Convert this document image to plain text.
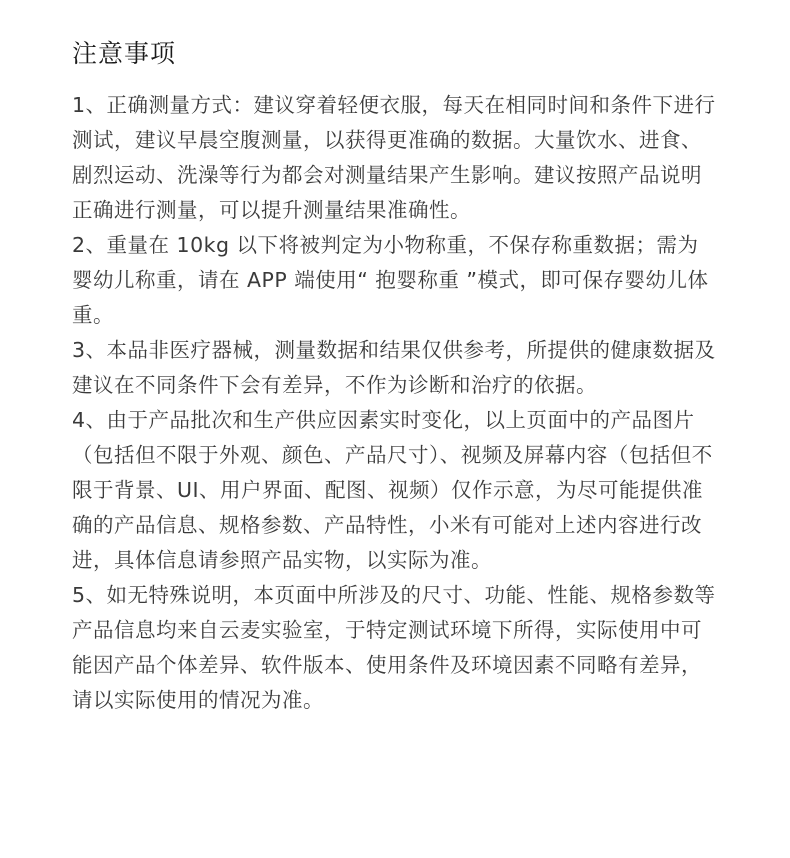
注意事项

1、正确测量方式：建议穿着轻便衣服，每天在相同时间和条件下进行测试，建议早晨空腹测量，以获得更准确的数据。大量饮水、进食、剧烈运动、洗澡等行为都会对测量结果产生影响。建议按照产品说明正确进行测量，可以提升测量结果准确性。

2、重量在 10kg 以下将被判定为小物称重，不保存称重数据；需为婴幼儿称重，请在 APP 端使用“ 抱婴称重 ”模式，即可保存婴幼儿体重。

3、本品非医疗器械，测量数据和结果仅供参考，所提供的健康数据及建议在不同条件下会有差异，不作为诊断和治疗的依据。

4、由于产品批次和生产供应因素实时变化，以上页面中的产品图片（包括但不限于外观、颜色、产品尺寸）、视频及屏幕内容（包括但不限于背景、UI、用户界面、配图、视频）仅作示意，为尽可能提供准确的产品信息、规格参数、产品特性，小米有可能对上述内容进行改进，具体信息请参照产品实物，以实际为准。

5、如无特殊说明，本页面中所涉及的尺寸、功能、性能、规格参数等产品信息均来自云麦实验室，于特定测试环境下所得，实际使用中可能因产品个体差异、软件版本、使用条件及环境因素不同略有差异，请以实际使用的情况为准。
